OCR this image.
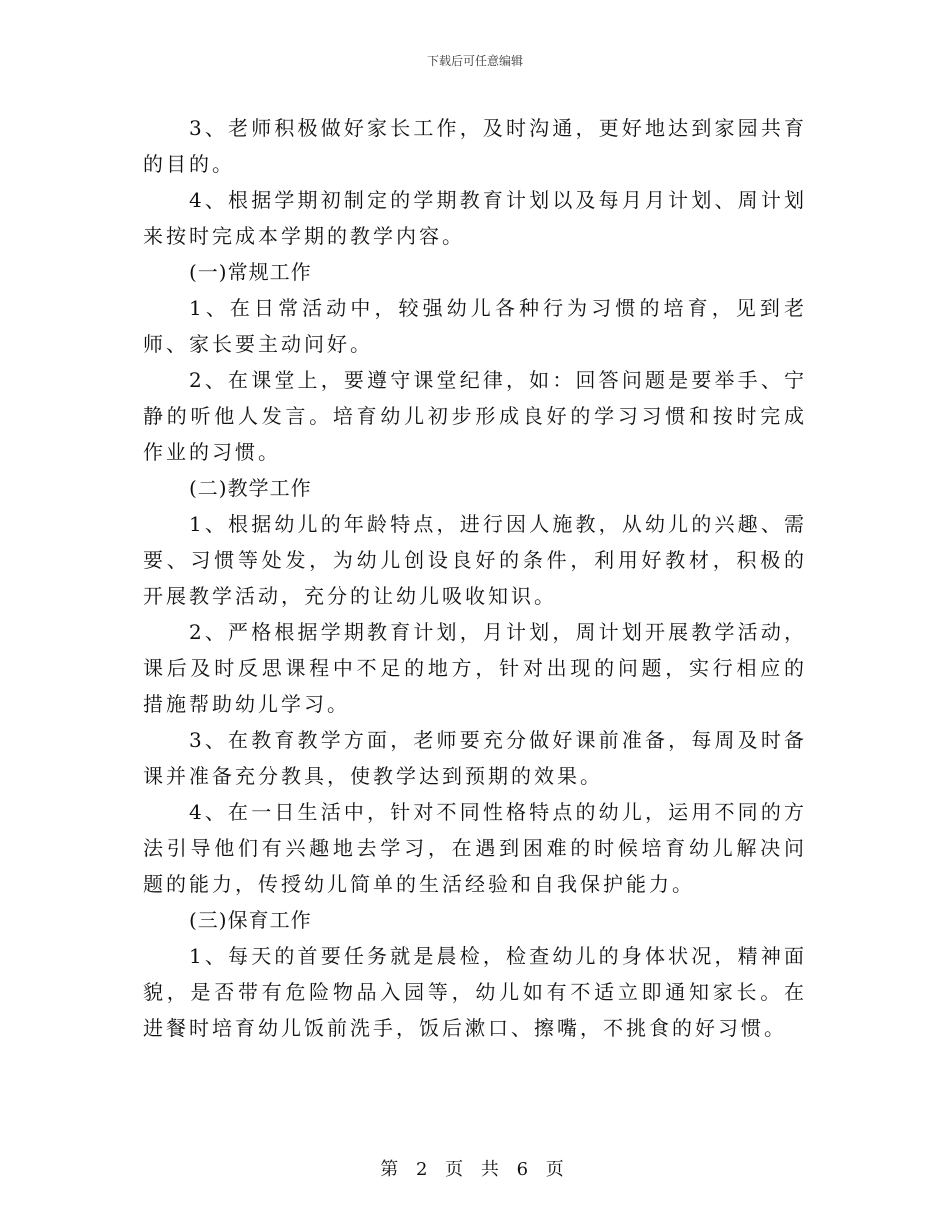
下载后可任意编辑

3、老师积极做好家长工作，及时沟通，更好地达到家园共育的目的。

4、根据学期初制定的学期教育计划以及每月月计划、周计划来按时完成本学期的教学内容。

(一)常规工作

1、在日常活动中，较强幼儿各种行为习惯的培育，见到老师、家长要主动问好。

2、在课堂上，要遵守课堂纪律，如：回答问题是要举手、宁静的听他人发言。培育幼儿初步形成良好的学习习惯和按时完成作业的习惯。

(二)教学工作

1、根据幼儿的年龄特点，进行因人施教，从幼儿的兴趣、需要、习惯等处发，为幼儿创设良好的条件，利用好教材，积极的开展教学活动，充分的让幼儿吸收知识。

2、严格根据学期教育计划，月计划，周计划开展教学活动，课后及时反思课程中不足的地方，针对出现的问题，实行相应的措施帮助幼儿学习。

3、在教育教学方面，老师要充分做好课前准备，每周及时备课并准备充分教具，使教学达到预期的效果。

4、在一日生活中，针对不同性格特点的幼儿，运用不同的方法引导他们有兴趣地去学习，在遇到困难的时候培育幼儿解决问题的能力，传授幼儿简单的生活经验和自我保护能力。

(三)保育工作

1、每天的首要任务就是晨检，检查幼儿的身体状况，精神面貌，是否带有危险物品入园等，幼儿如有不适立即通知家长。在进餐时培育幼儿饭前洗手，饭后漱口、擦嘴，不挑食的好习惯。

第 2 页 共 6 页
